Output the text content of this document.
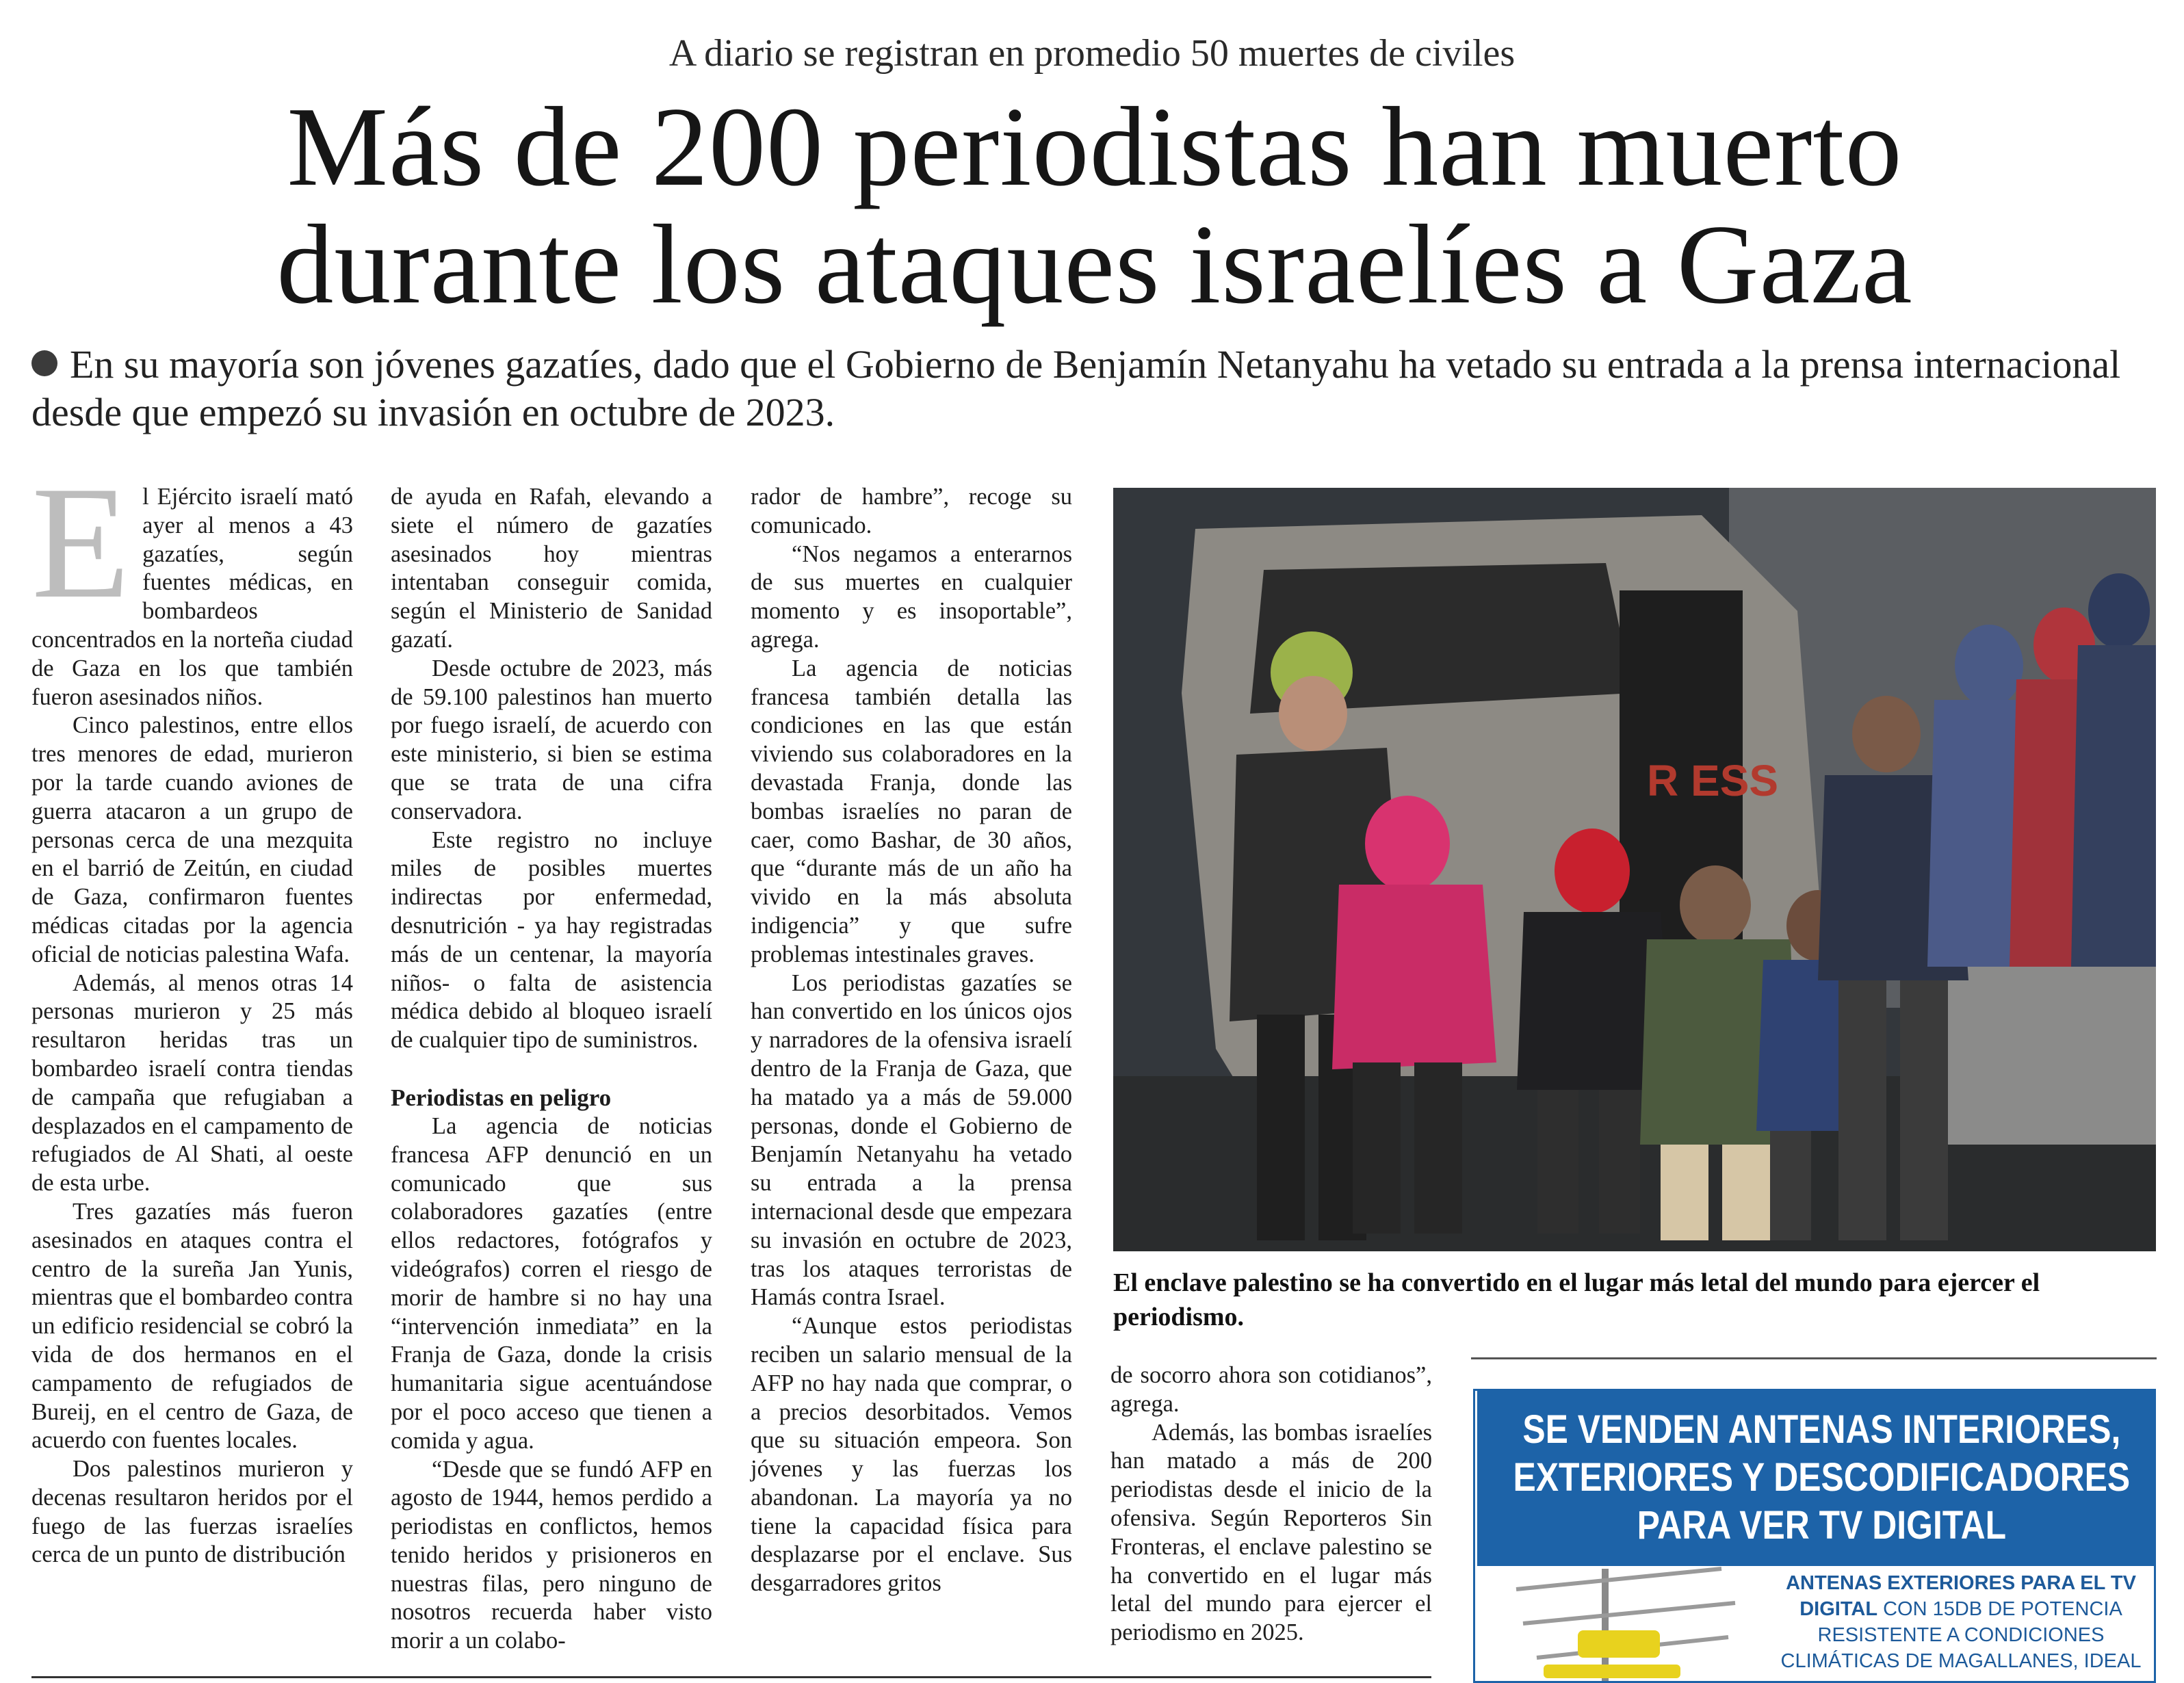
A diario se registran en promedio 50 muertes de civiles
Más de 200 periodistas han muerto
durante los ataques israelíes a Gaza
En su mayoría son jóvenes gazatíes, dado que el Gobierno de Benjamín Netanyahu ha vetado su entrada a la prensa internacional desde que empezó su invasión en octubre de 2023.
E l Ejército israelí mató ayer al menos a 43 gazatíes, según fuentes médicas, en bombardeos concentrados en la norteña ciudad de Gaza en los que también fueron asesinados niños.

Cinco palestinos, entre ellos tres menores de edad, murieron por la tarde cuando aviones de guerra atacaron a un grupo de personas cerca de una mezquita en el barrió de Zeitún, en ciudad de Gaza, confirmaron fuentes médicas citadas por la agencia oficial de noticias palestina Wafa.

Además, al menos otras 14 personas murieron y 25 más resultaron heridas tras un bombardeo israelí contra tiendas de campaña que refugiaban a desplazados en el campamento de refugiados de Al Shati, al oeste de esta urbe.

Tres gazatíes más fueron asesinados en ataques contra el centro de la sureña Jan Yunis, mientras que el bombardeo contra un edificio residencial se cobró la vida de dos hermanos en el campamento de refugiados de Bureij, en el centro de Gaza, de acuerdo con fuentes locales.

Dos palestinos murieron y decenas resultaron heridos por el fuego de las fuerzas israelíes cerca de un punto de distribución

de ayuda en Rafah, elevando a siete el número de gazatíes asesinados hoy mientras intentaban conseguir comida, según el Ministerio de Sanidad gazatí.

Desde octubre de 2023, más de 59.100 palestinos han muerto por fuego israelí, de acuerdo con este ministerio, si bien se estima que se trata de una cifra conservadora.

Este registro no incluye miles de posibles muertes indirectas por enfermedad, desnutrición - ya hay registradas más de un centenar, la mayoría niños- o falta de asistencia médica debido al bloqueo israelí de cualquier tipo de suministros.

Periodistas en peligro

La agencia de noticias francesa AFP denunció en un comunicado que sus colaboradores gazatíes (entre ellos redactores, fotógrafos y videógrafos) corren el riesgo de morir de hambre si no hay una “intervención inmediata” en la Franja de Gaza, donde la crisis humanitaria sigue acentuándose por el poco acceso que tienen a comida y agua.

“Desde que se fundó AFP en agosto de 1944, hemos perdido a periodistas en conflictos, hemos tenido heridos y prisioneros en nuestras filas, pero ninguno de nosotros recuerda haber visto morir a un colabo-

rador de hambre”, recoge su comunicado.

“Nos negamos a enterarnos de sus muertes en cualquier momento y es insoportable”, agrega.

La agencia de noticias francesa también detalla las condiciones en las que están viviendo sus colaboradores en la devastada Franja, donde las bombas israelíes no paran de caer, como Bashar, de 30 años, que “durante más de un año ha vivido en la más absoluta indigencia” y que sufre problemas intestinales graves.

Los periodistas gazatíes se han convertido en los únicos ojos y narradores de la ofensiva israelí dentro de la Franja de Gaza, que ha matado ya a más de 59.000 personas, donde el Gobierno de Benjamín Netanyahu ha vetado su entrada a la prensa internacional desde que empezara su invasión en octubre de 2023, tras los ataques terroristas de Hamás contra Israel.

“Aunque estos periodistas reciben un salario mensual de la AFP no hay nada que comprar, o a precios desorbitados. Vemos que su situación empeora. Son jóvenes y las fuerzas los abandonan. La mayoría ya no tiene la capacidad física para desplazarse por el enclave. Sus desgarradores gritos

R ESS
El enclave palestino se ha convertido en el lugar más letal del mundo para ejercer el periodismo.

de socorro ahora son cotidianos”, agrega.

Además, las bombas israelíes han matado a más de 200 periodistas desde el inicio de la ofensiva. Según Reporteros Sin Fronteras, el enclave palestino se ha convertido en el lugar más letal del mundo para ejercer el periodismo en 2025.

SE VENDEN ANTENAS INTERIORES,
EXTERIORES Y DESCODIFICADORES
PARA VER TV DIGITAL
ANTENAS EXTERIORES PARA EL TV DIGITAL CON 15DB DE POTENCIA RESISTENTE A CONDICIONES CLIMÁTICAS DE MAGALLANES, IDEAL
